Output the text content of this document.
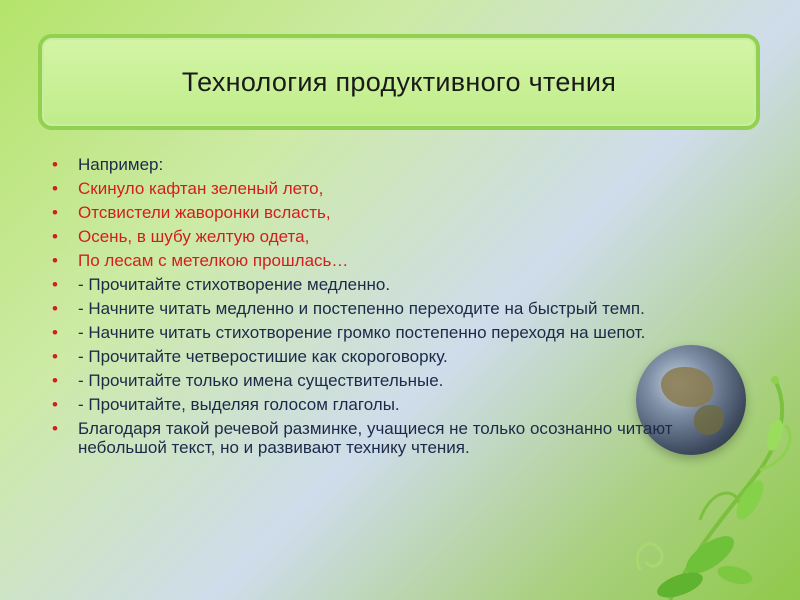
Технология продуктивного чтения
• Например:
• Скинуло кафтан зеленый лето,
• Отсвистели жаворонки всласть,
• Осень, в шубу желтую одета,
• По лесам с метелкою прошлась…
• - Прочитайте стихотворение медленно.
• - Начните читать медленно и постепенно переходите на быстрый темп.
• - Начните читать стихотворение громко постепенно переходя на шепот.
• - Прочитайте четверостишие как скороговорку.
• - Прочитайте только имена существительные.
• - Прочитайте, выделяя голосом глаголы.
• Благодаря такой речевой разминке, учащиеся не только осознанно читают небольшой текст, но и развивают технику чтения.
